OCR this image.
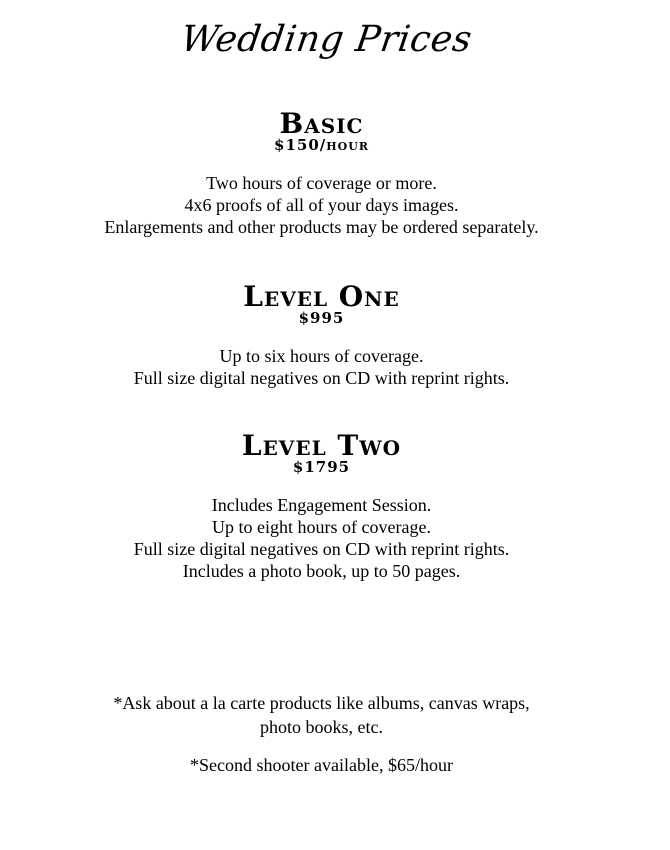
Wedding Prices
Basic
$150/hour
Two hours of coverage or more.
4x6 proofs of all of your days images.
Enlargements and other products may be ordered separately.
Level One
$995
Up to six hours of coverage.
Full size digital negatives on CD with reprint rights.
Level Two
$1795
Includes Engagement Session.
Up to eight hours of coverage.
Full size digital negatives on CD with reprint rights.
Includes a photo book, up to 50 pages.
*Ask about a la carte products like albums, canvas wraps,
photo books, etc.
*Second shooter available, $65/hour
